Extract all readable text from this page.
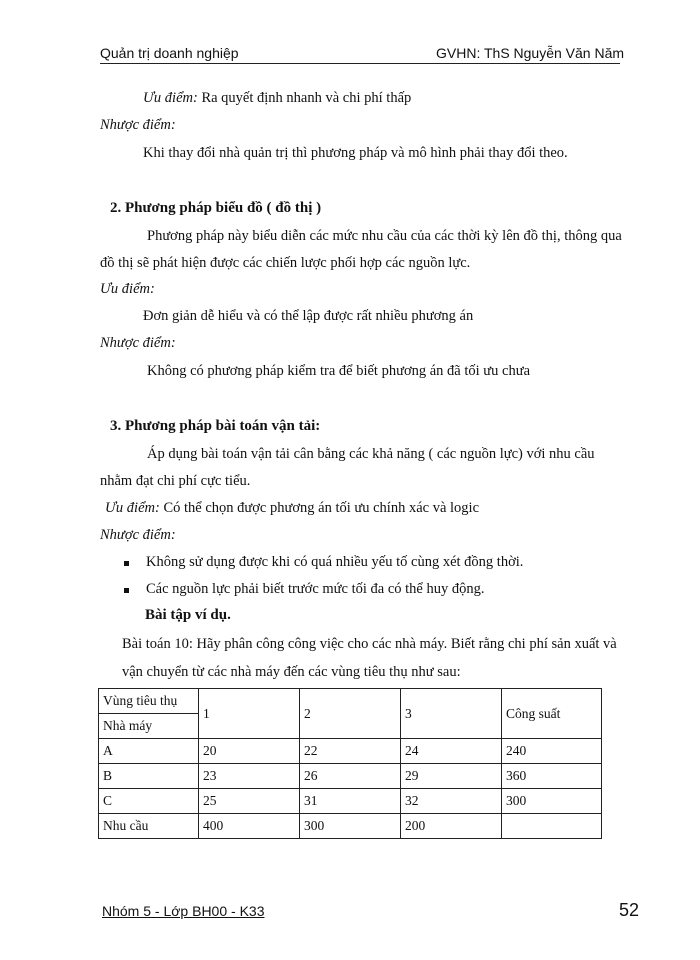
Quản trị doanh nghiệp	GVHN: ThS Nguyễn Văn Năm
Ưu điểm: Ra quyết định nhanh và chi phí thấp
Nhược điểm:
Khi thay đổi nhà quản trị thì phương pháp và mô hình phải thay đổi theo.
2. Phương pháp biểu đồ ( đồ thị )
Phương pháp này biểu diễn các mức nhu cầu của các thời kỳ lên đồ thị, thông qua
đồ thị sẽ phát hiện được các chiến lược phối hợp các nguồn lực.
Ưu điểm:
Đơn giản dễ hiểu và có thể lập được rất nhiều phương án
Nhược điểm:
Không có phương pháp kiểm tra để biết phương án đã tối ưu chưa
3. Phương pháp bài toán vận tải:
Áp dụng bài toán vận tải cân bằng các khả năng ( các nguồn lực) với nhu cầu
nhằm đạt chi phí cực tiểu.
Ưu điểm: Có thể chọn được phương án tối ưu chính xác và logic
Nhược điểm:
Không sử dụng được khi có quá nhiều yếu tố cùng xét đồng thời.
Các nguồn lực phải biết trước mức tối đa có thể huy động.
Bài tập ví dụ.
Bài toán 10: Hãy phân công công việc cho các nhà máy. Biết rằng chi phí sản xuất và
vận chuyển từ các nhà máy đến các vùng tiêu thụ như sau:
Vùng tiêu thụ	1	2	3	Công suất
Nhà máy				
A	20	22	24	240
B	23	26	29	360
C	25	31	32	300
Nhu cầu	400	300	200	
Nhóm 5 - Lớp BH00 - K33	52
